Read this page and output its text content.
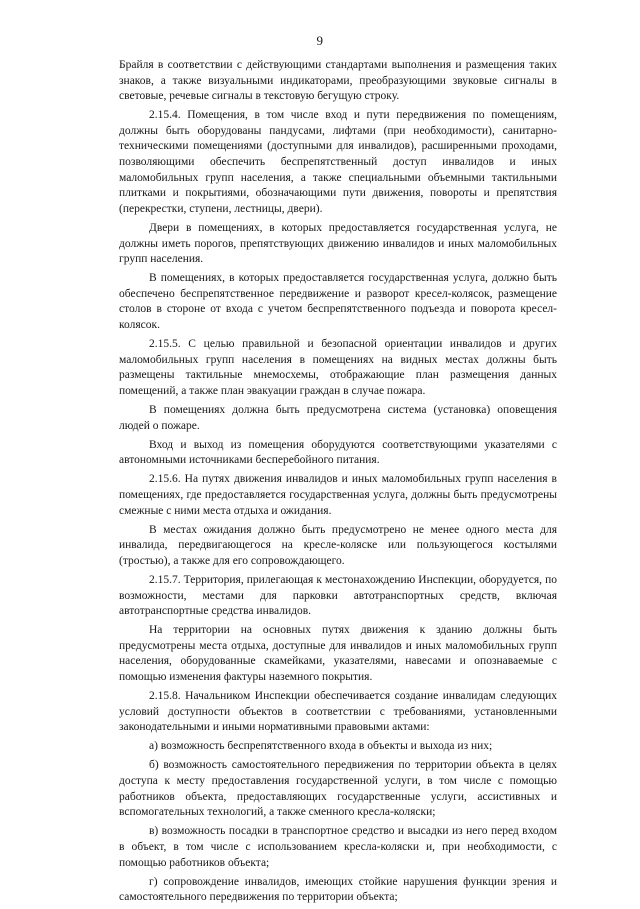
9

Брайля в соответствии с действующими стандартами выполнения и размещения таких знаков, а также визуальными индикаторами, преобразующими звуковые сигналы в световые, речевые сигналы в текстовую бегущую строку.

2.15.4. Помещения, в том числе вход и пути передвижения по помещениям, должны быть оборудованы пандусами, лифтами (при необходимости), санитарно-техническими помещениями (доступными для инвалидов), расширенными проходами, позволяющими обеспечить беспрепятственный доступ инвалидов и иных маломобильных групп населения, а также специальными объемными тактильными плитками и покрытиями, обозначающими пути движения, повороты и препятствия (перекрестки, ступени, лестницы, двери).

Двери в помещениях, в которых предоставляется государственная услуга, не должны иметь порогов, препятствующих движению инвалидов и иных маломобильных групп населения.

В помещениях, в которых предоставляется государственная услуга, должно быть обеспечено беспрепятственное передвижение и разворот кресел-колясок, размещение столов в стороне от входа с учетом беспрепятственного подъезда и поворота кресел-колясок.

2.15.5. С целью правильной и безопасной ориентации инвалидов и других маломобильных групп населения в помещениях на видных местах должны быть размещены тактильные мнемосхемы, отображающие план размещения данных помещений, а также план эвакуации граждан в случае пожара.

В помещениях должна быть предусмотрена система (установка) оповещения людей о пожаре.

Вход и выход из помещения оборудуются соответствующими указателями с автономными источниками бесперебойного питания.

2.15.6. На путях движения инвалидов и иных маломобильных групп населения в помещениях, где предоставляется государственная услуга, должны быть предусмотрены смежные с ними места отдыха и ожидания.

В местах ожидания должно быть предусмотрено не менее одного места для инвалида, передвигающегося на кресле-коляске или пользующегося костылями (тростью), а также для его сопровождающего.

2.15.7. Территория, прилегающая к местонахождению Инспекции, оборудуется, по возможности, местами для парковки автотранспортных средств, включая автотранспортные средства инвалидов.

На территории на основных путях движения к зданию должны быть предусмотрены места отдыха, доступные для инвалидов и иных маломобильных групп населения, оборудованные скамейками, указателями, навесами и опознаваемые с помощью изменения фактуры наземного покрытия.

2.15.8. Начальником Инспекции обеспечивается создание инвалидам следующих условий доступности объектов в соответствии с требованиями, установленными законодательными и иными нормативными правовыми актами:

а) возможность беспрепятственного входа в объекты и выхода из них;

б) возможность самостоятельного передвижения по территории объекта в целях доступа к месту предоставления государственной услуги, в том числе с помощью работников объекта, предоставляющих государственные услуги, ассистивных и вспомогательных технологий, а также сменного кресла-коляски;

в) возможность посадки в транспортное средство и высадки из него перед входом в объект, в том числе с использованием кресла-коляски и, при необходимости, с помощью работников объекта;

г) сопровождение инвалидов, имеющих стойкие нарушения функции зрения и самостоятельного передвижения по территории объекта;
